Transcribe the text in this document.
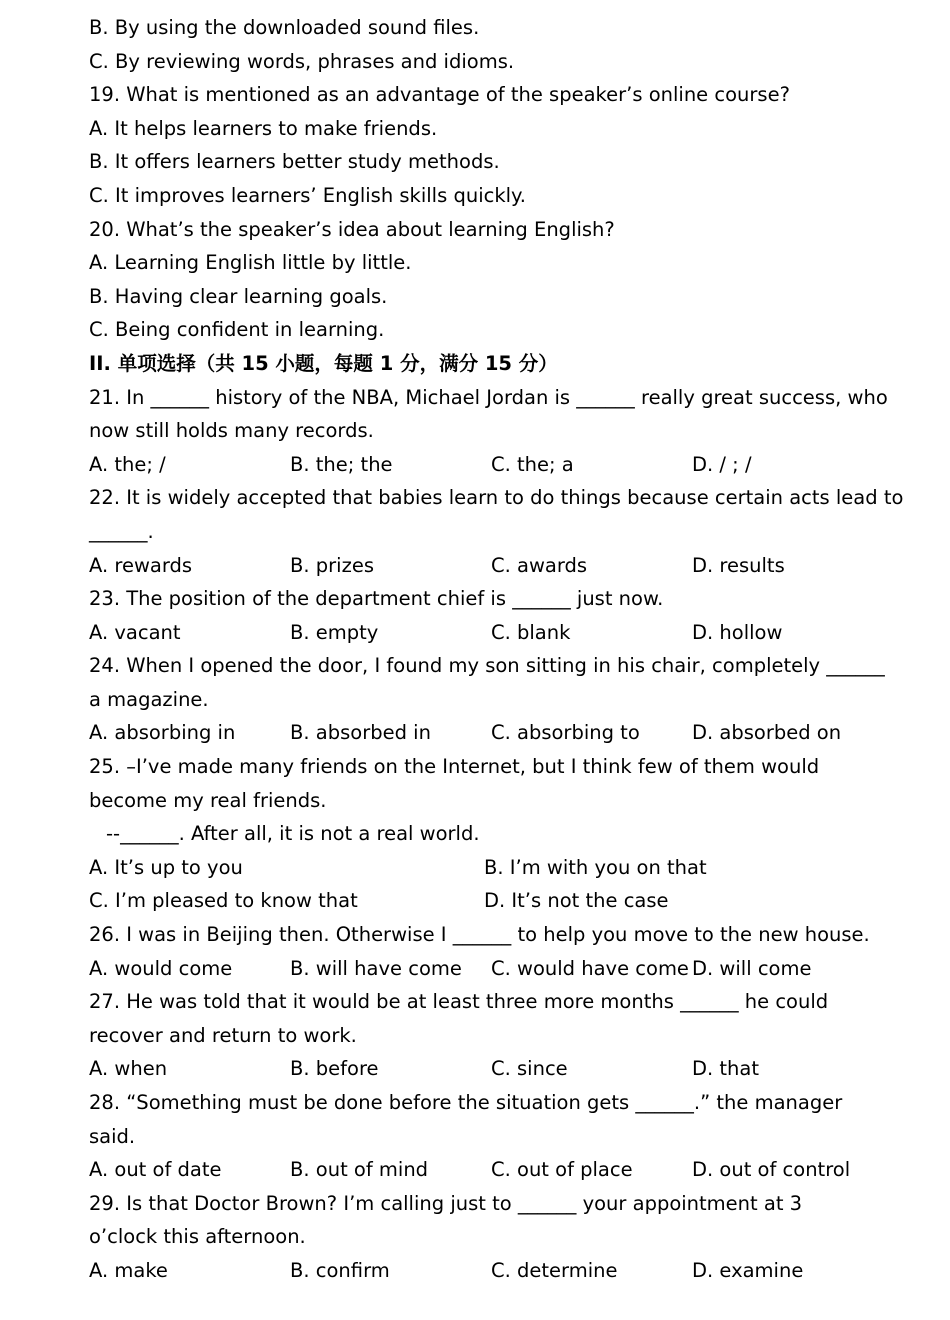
B. By using the downloaded sound files.
C. By reviewing words, phrases and idioms.
19. What is mentioned as an advantage of the speaker’s online course?
A. It helps learners to make friends.
B. It offers learners better study methods.
C. It improves learners’ English skills quickly.
20. What’s the speaker’s idea about learning English?
A. Learning English little by little.
B. Having clear learning goals.
C. Being confident in learning.
II. 单项选择（共 15 小题，每题 1 分，满分 15 分）
21. In ______ history of the NBA, Michael Jordan is ______ really great success, who
now still holds many records.
A. the; /	B. the; the	C. the; a	D. / ; /
22. It is widely accepted that babies learn to do things because certain acts lead to
______.
A. rewards	B. prizes	C. awards	D. results
23. The position of the department chief is ______ just now.
A. vacant	B. empty	C. blank	D. hollow
24. When I opened the door, I found my son sitting in his chair, completely ______
a magazine.
A. absorbing in	B. absorbed in	C. absorbing to	D. absorbed on
25. –I’ve made many friends on the Internet, but I think few of them would
become my real friends.
--______. After all, it is not a real world.
A. It’s up to you	B. I’m with you on that
C. I’m pleased to know that	D. It’s not the case
26. I was in Beijing then. Otherwise I ______ to help you move to the new house.
A. would come	B. will have come	C. would have come D. will come
27. He was told that it would be at least three more months ______ he could
recover and return to work.
A. when	B. before	C. since	D. that
28. “Something must be done before the situation gets ______.” the manager
said.
A. out of date	B. out of mind	C. out of place	D. out of control
29. Is that Doctor Brown? I’m calling just to ______ your appointment at 3
o’clock this afternoon.
A. make	B. confirm	C. determine	D. examine
